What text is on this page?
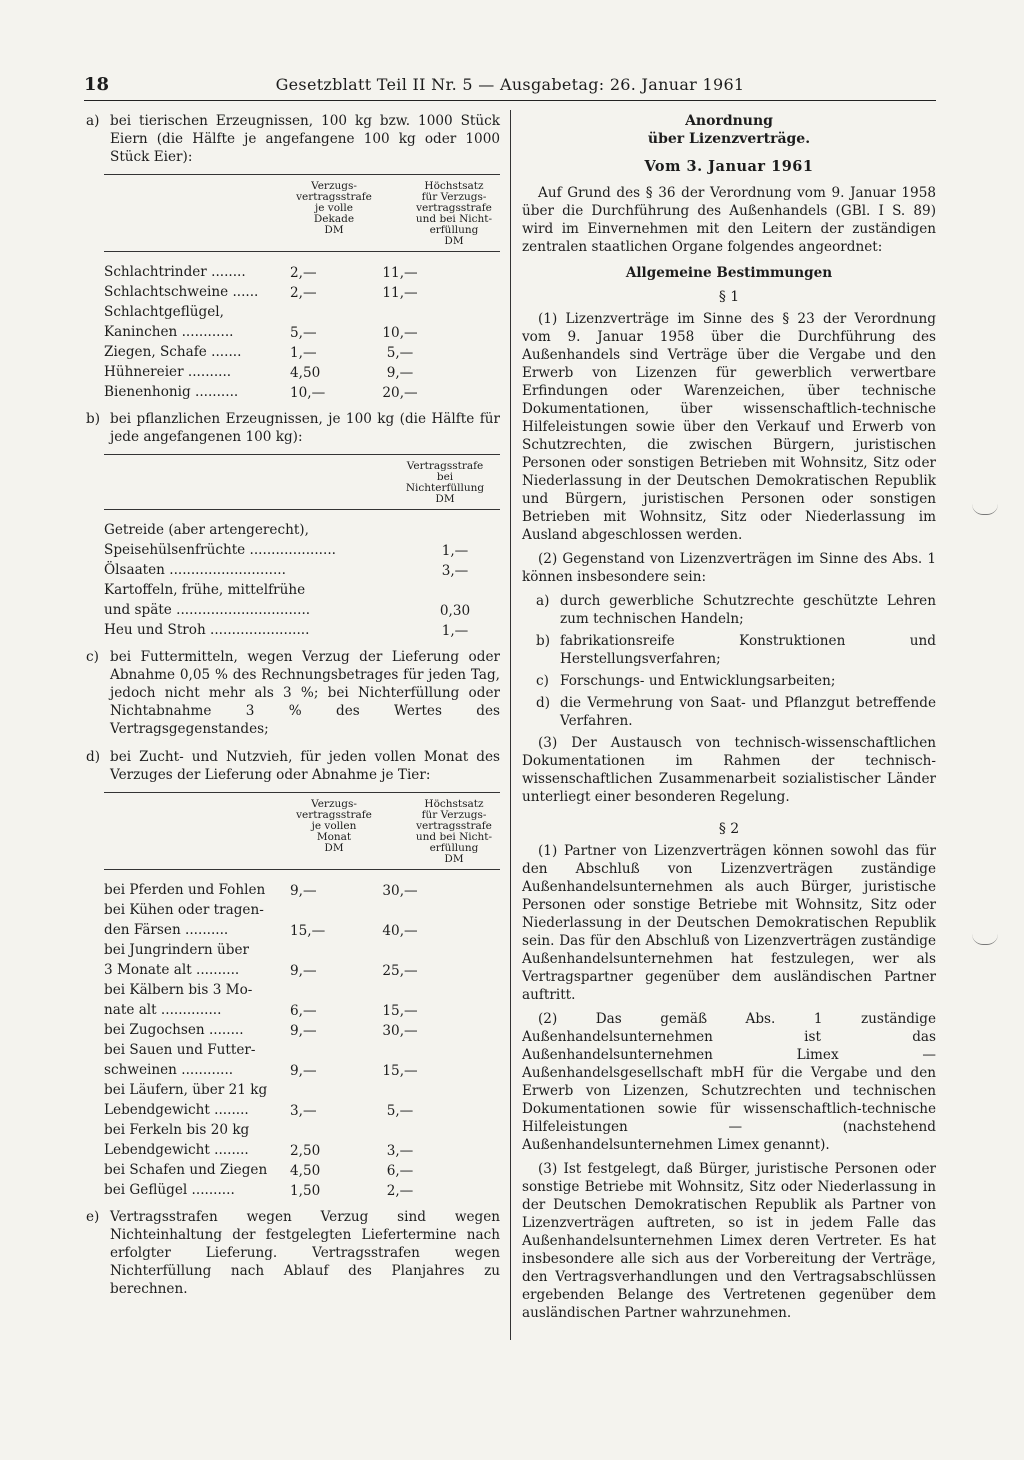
18	Gesetzblatt Teil II Nr. 5 — Ausgabetag: 26. Januar 1961
a) bei tierischen Erzeugnissen, 100 kg bzw. 1000 Stück Eiern (die Hälfte je angefangene 100 kg oder 1000 Stück Eier):
Verzugs-
vertragsstrafe
je volle
Dekade
DM
Höchstsatz
für Verzugs-
vertragsstrafe
und bei Nicht-
erfüllung
DM
Schlachtrinder ........	2,—	11,—
Schlachtschweine ......	2,—	11,—
Schlachtgeflügel,
Kaninchen ............	5,—	10,—
Ziegen, Schafe .......	1,—	5,—
Hühnereier ..........	4,50	9,—
Bienenhonig ..........	10,—	20,—
b) bei pflanzlichen Erzeugnissen, je 100 kg (die Hälfte für jede angefangenen 100 kg):
Vertragsstrafe
bei
Nichterfüllung
DM
Getreide (aber artengerecht),
Speisehülsenfrüchte ....................	1,—
Ölsaaten ...........................	3,—
Kartoffeln, frühe, mittelfrühe
und späte ...............................	0,30
Heu und Stroh .......................	1,—
c) bei Futtermitteln, wegen Verzug der Lieferung oder Abnahme 0,05 % des Rechnungsbetrages für jeden Tag, jedoch nicht mehr als 3 %; bei Nichterfüllung oder Nichtabnahme 3 % des Wertes des Vertragsgegenstandes;
d) bei Zucht- und Nutzvieh, für jeden vollen Monat des Verzuges der Lieferung oder Abnahme je Tier:
Verzugs-
vertragsstrafe
je vollen
Monat
DM
Höchstsatz
für Verzugs-
vertragsstrafe
und bei Nicht-
erfüllung
DM
bei Pferden und Fohlen	9,—	30,—
bei Kühen oder tragen-
den Färsen ..........	15,—	40,—
bei Jungrindern über
3 Monate alt ..........	9,—	25,—
bei Kälbern bis 3 Mo-
nate alt ..............	6,—	15,—
bei Zugochsen ........	9,—	30,—
bei Sauen und Futter-
schweinen ............	9,—	15,—
bei Läufern, über 21 kg
Lebendgewicht ........	3,—	5,—
bei Ferkeln bis 20 kg
Lebendgewicht ........	2,50	3,—
bei Schafen und Ziegen	4,50	6,—
bei Geflügel ..........	1,50	2,—
e) Vertragsstrafen wegen Verzug sind wegen Nichteinhaltung der festgelegten Liefertermine nach erfolgter Lieferung. Vertragsstrafen wegen Nichterfüllung nach Ablauf des Planjahres zu berechnen.
Anordnung
über Lizenzverträge.
Vom 3. Januar 1961

Auf Grund des § 36 der Verordnung vom 9. Januar 1958 über die Durchführung des Außenhandels (GBl. I S. 89) wird im Einvernehmen mit den Leitern der zuständigen zentralen staatlichen Organe folgendes angeordnet:

Allgemeine Bestimmungen
§ 1

(1) Lizenzverträge im Sinne des § 23 der Verordnung vom 9. Januar 1958 über die Durchführung des Außenhandels sind Verträge über die Vergabe und den Erwerb von Lizenzen für gewerblich verwertbare Erfindungen oder Warenzeichen, über technische Dokumentationen, über wissenschaftlich-technische Hilfeleistungen sowie über den Verkauf und Erwerb von Schutzrechten, die zwischen Bürgern, juristischen Personen oder sonstigen Betrieben mit Wohnsitz, Sitz oder Niederlassung in der Deutschen Demokratischen Republik und Bürgern, juristischen Personen oder sonstigen Betrieben mit Wohnsitz, Sitz oder Niederlassung im Ausland abgeschlossen werden.

(2) Gegenstand von Lizenzverträgen im Sinne des Abs. 1 können insbesondere sein:

a) durch gewerbliche Schutzrechte geschützte Lehren zum technischen Handeln;
b) fabrikationsreife Konstruktionen und Herstellungsverfahren;
c) Forschungs- und Entwicklungsarbeiten;
d) die Vermehrung von Saat- und Pflanzgut betreffende Verfahren.

(3) Der Austausch von technisch-wissenschaftlichen Dokumentationen im Rahmen der technisch-wissenschaftlichen Zusammenarbeit sozialistischer Länder unterliegt einer besonderen Regelung.

§ 2

(1) Partner von Lizenzverträgen können sowohl das für den Abschluß von Lizenzverträgen zuständige Außenhandelsunternehmen als auch Bürger, juristische Personen oder sonstige Betriebe mit Wohnsitz, Sitz oder Niederlassung in der Deutschen Demokratischen Republik sein. Das für den Abschluß von Lizenzverträgen zuständige Außenhandelsunternehmen hat festzulegen, wer als Vertragspartner gegenüber dem ausländischen Partner auftritt.

(2) Das gemäß Abs. 1 zuständige Außenhandelsunternehmen ist das Außenhandelsunternehmen Limex — Außenhandelsgesellschaft mbH für die Vergabe und den Erwerb von Lizenzen, Schutzrechten und technischen Dokumentationen sowie für wissenschaftlich-technische Hilfeleistungen — (nachstehend Außenhandelsunternehmen Limex genannt).

(3) Ist festgelegt, daß Bürger, juristische Personen oder sonstige Betriebe mit Wohnsitz, Sitz oder Niederlassung in der Deutschen Demokratischen Republik als Partner von Lizenzverträgen auftreten, so ist in jedem Falle das Außenhandelsunternehmen Limex deren Vertreter. Es hat insbesondere alle sich aus der Vorbereitung der Verträge, den Vertragsverhandlungen und den Vertragsabschlüssen ergebenden Belange des Vertretenen gegenüber dem ausländischen Partner wahrzunehmen.
